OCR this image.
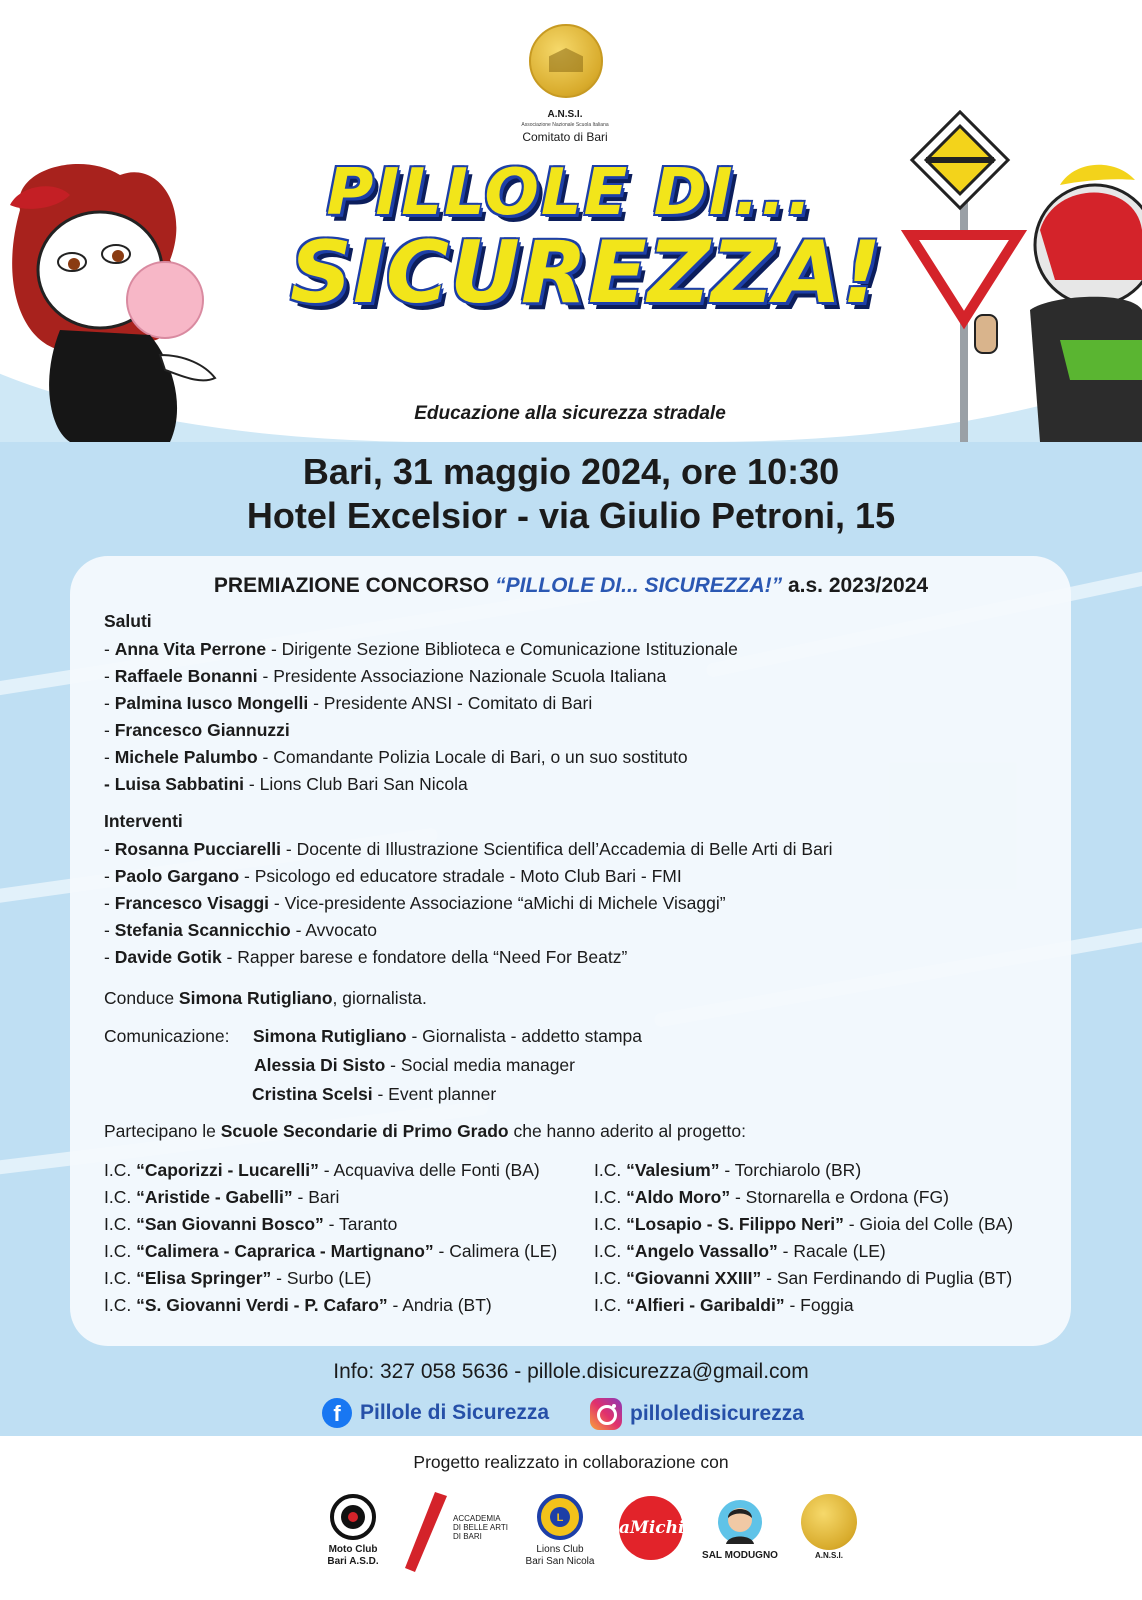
A.N.S.I.
Associazione Nazionale Scuola Italiana
Comitato di Bari
PILLOLE DI...
SICUREZZA!
Educazione alla sicurezza stradale
Bari, 31 maggio 2024, ore 10:30
Hotel Excelsior - via Giulio Petroni, 15
PREMIAZIONE CONCORSO “PILLOLE DI... SICUREZZA!” a.s. 2023/2024
Saluti
- Anna Vita Perrone - Dirigente Sezione Biblioteca e Comunicazione Istituzionale
- Raffaele Bonanni - Presidente Associazione Nazionale Scuola Italiana
- Palmina Iusco Mongelli - Presidente ANSI - Comitato di Bari
- Francesco Giannuzzi
- Michele Palumbo - Comandante Polizia Locale di Bari, o un suo sostituto
- Luisa Sabbatini - Lions Club Bari San Nicola
Interventi
- Rosanna Pucciarelli - Docente di Illustrazione Scientifica dell’Accademia di Belle Arti di Bari
- Paolo Gargano - Psicologo ed educatore stradale - Moto Club Bari - FMI
- Francesco Visaggi - Vice-presidente Associazione “aMichi di Michele Visaggi”
- Stefania Scannicchio - Avvocato
- Davide Gotik - Rapper barese e fondatore della “Need For Beatz”
Conduce Simona Rutigliano, giornalista.
Comunicazione: Simona Rutigliano - Giornalista - addetto stampa
Alessia Di Sisto - Social media manager
Cristina Scelsi - Event planner
Partecipano le Scuole Secondarie di Primo Grado che hanno aderito al progetto:
I.C. “Caporizzi - Lucarelli” - Acquaviva delle Fonti (BA)
I.C. “Aristide - Gabelli” - Bari
I.C. “San Giovanni Bosco” - Taranto
I.C. “Calimera - Caprarica - Martignano” - Calimera (LE)
I.C. “Elisa Springer” - Surbo (LE)
I.C. “S. Giovanni Verdi - P. Cafaro” - Andria (BT)
I.C. “Valesium” - Torchiarolo (BR)
I.C. “Aldo Moro” - Stornarella e Ordona (FG)
I.C. “Losapio - S. Filippo Neri” - Gioia del Colle (BA)
I.C. “Angelo Vassallo” - Racale (LE)
I.C. “Giovanni XXIII” - San Ferdinando di Puglia (BT)
I.C. “Alfieri - Garibaldi” - Foggia
Info: 327 058 5636 - pillole.disicurezza@gmail.com
f Pillole di Sicurezza	pilloledisicurezza
Progetto realizzato in collaborazione con
Moto Club
Bari A.S.D.
ACCADEMIA
DI BELLE ARTI
DI BARI
L
Lions Club
Bari San Nicola
aMichi
SAL MODUGNO	A.N.S.I.
